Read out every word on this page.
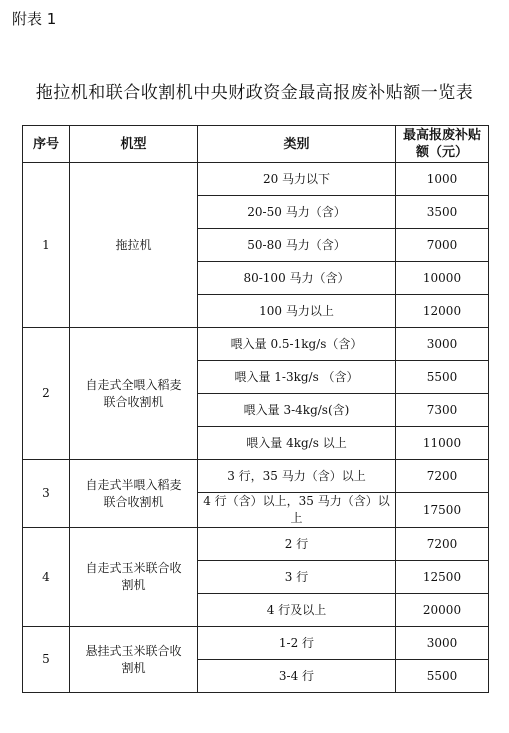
附表 1
拖拉机和联合收割机中央财政资金最高报废补贴额一览表
序号	机型	类别	最高报废补贴额（元）
1	拖拉机	20 马力以下	1000
		20-50 马力（含）	3500
		50-80 马力（含）	7000
		80-100 马力（含）	10000
		100 马力以上	12000
2	自走式全喂入稻麦联合收割机	喂入量 0.5-1kg/s（含）	3000
		喂入量 1-3kg/s （含）	5500
		喂入量 3-4kg/s(含)	7300
		喂入量 4kg/s 以上	11000
3	自走式半喂入稻麦联合收割机	3 行，35 马力（含）以上	7200
		4 行（含）以上，35 马力（含）以上	17500
4	自走式玉米联合收割机	2 行	7200
		3 行	12500
		4 行及以上	20000
5	悬挂式玉米联合收割机	1-2 行	3000
		3-4 行	5500
